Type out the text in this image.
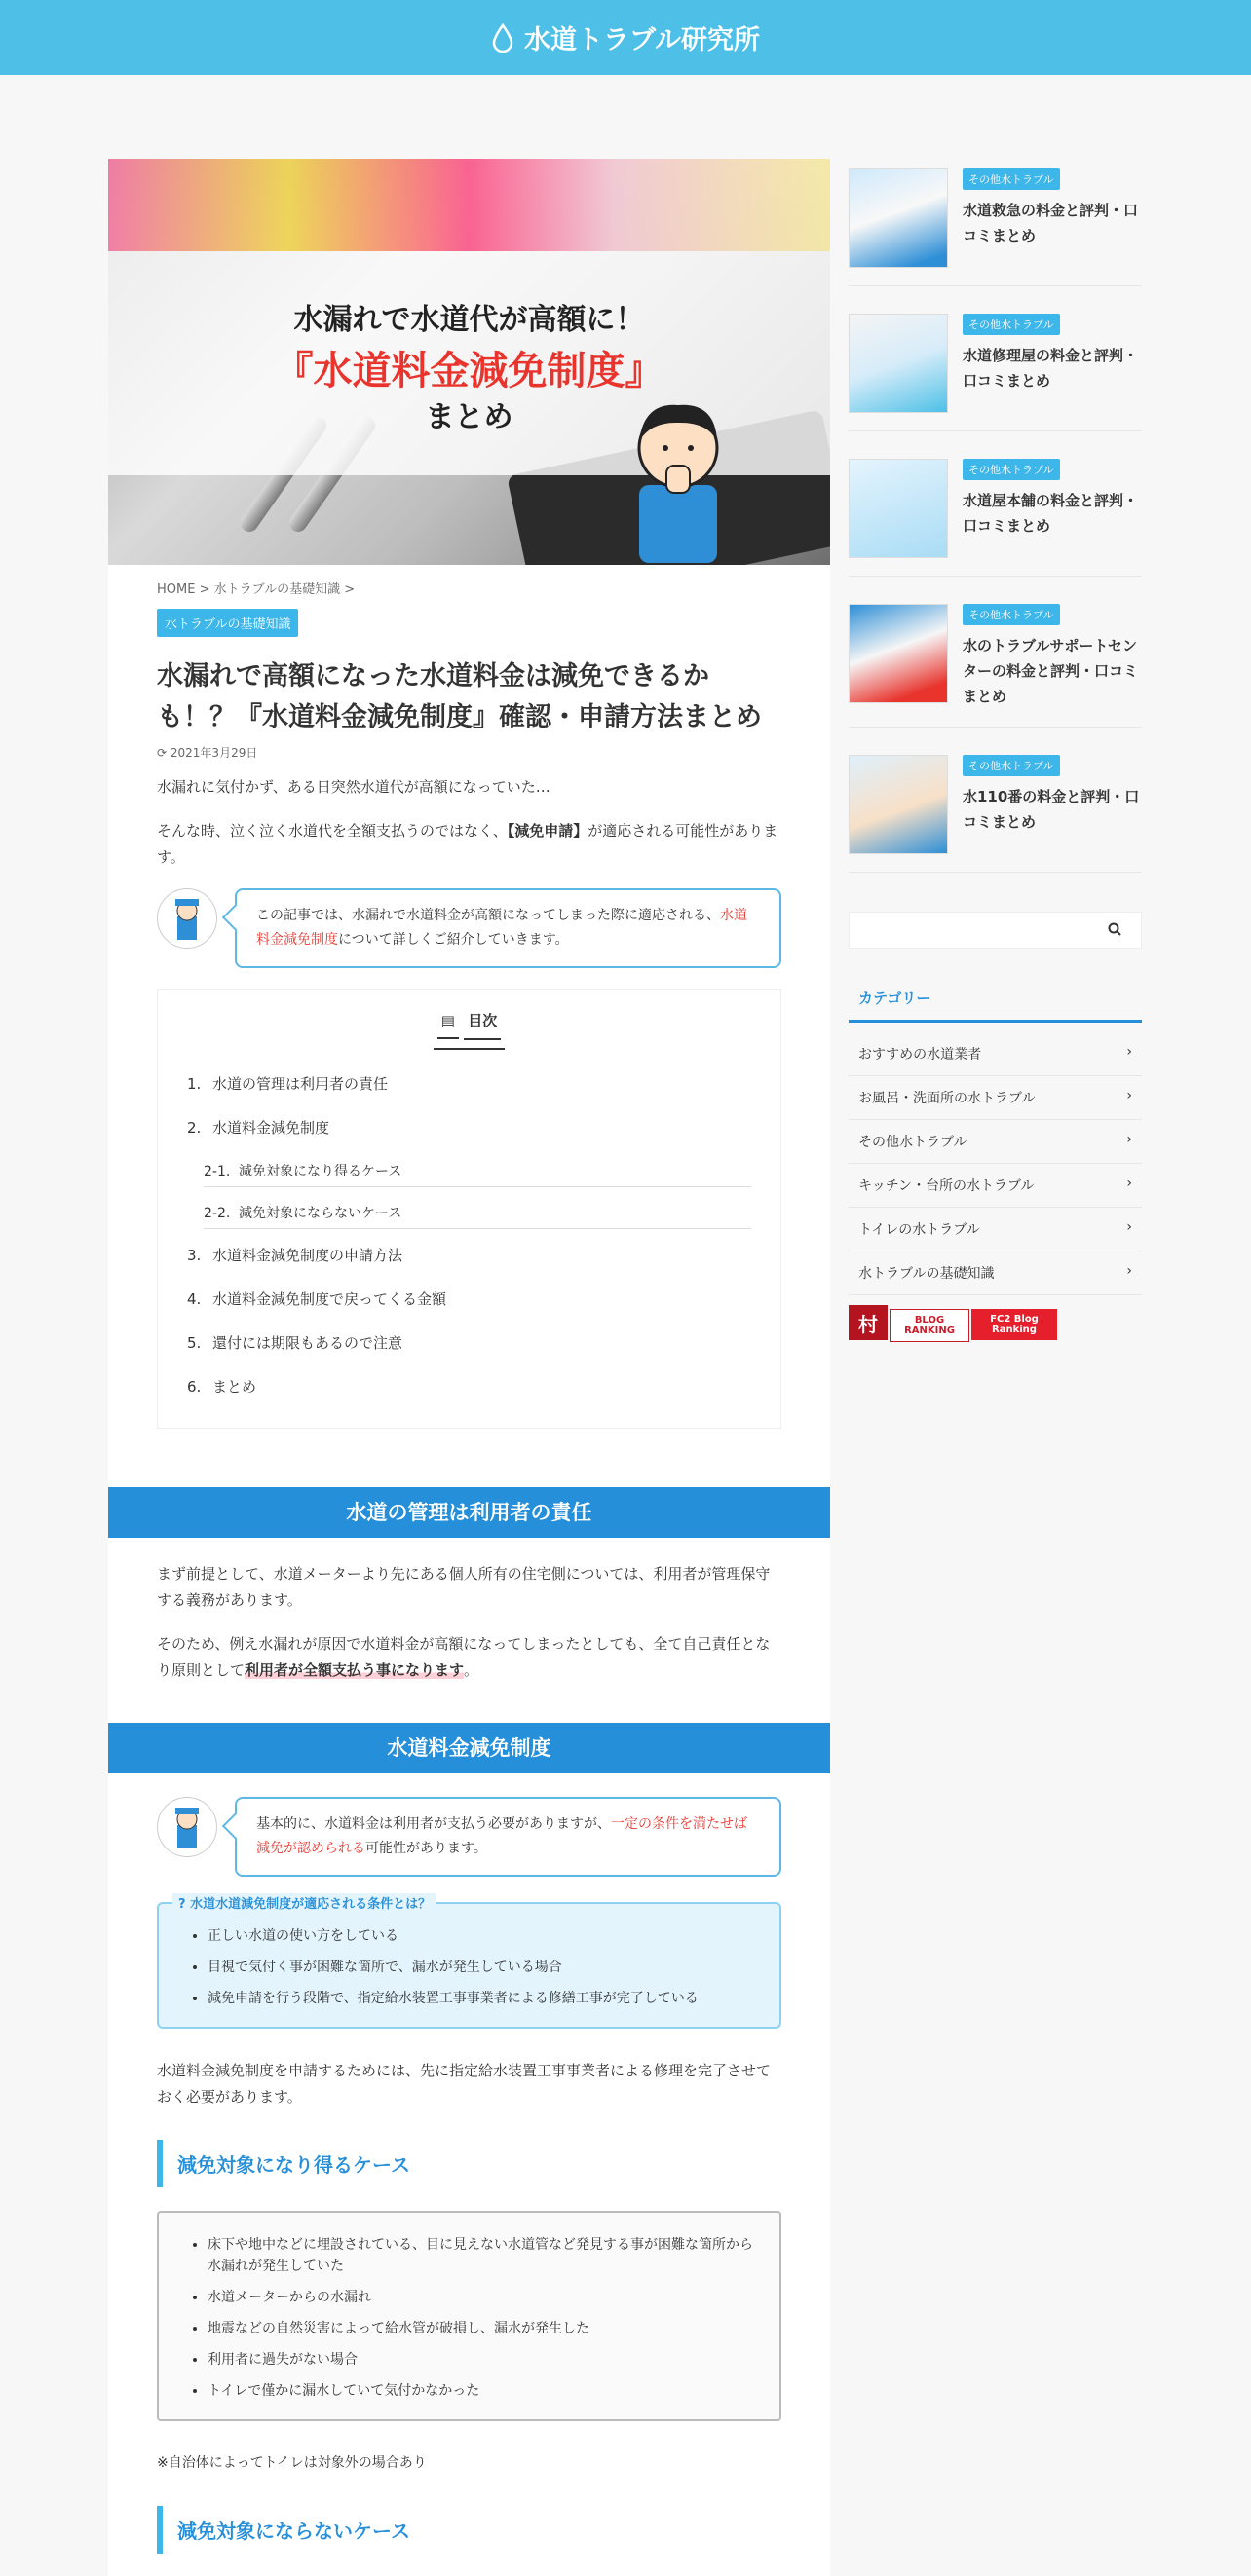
水道トラブル研究所
水漏れで水道代が高額に！
『水道料金減免制度』
まとめ
HOME > 水トラブルの基礎知識 >
水トラブルの基礎知識
水漏れで高額になった水道料金は減免できるかも！？『水道料金減免制度』確認・申請方法まとめ
⟳ 2021年3月29日

水漏れに気付かず、ある日突然水道代が高額になっていた…

そんな時、泣く泣く水道代を全額支払うのではなく、【減免申請】が適応される可能性があります。

この記事では、水漏れで水道料金が高額になってしまった際に適応される、水道料金減免制度について詳しくご紹介していきます。
▤ 目次
1. 水道の管理は利用者の責任
2. 水道料金減免制度
2-1. 減免対象になり得るケース
2-2. 減免対象にならないケース
3. 水道料金減免制度の申請方法
4. 水道料金減免制度で戻ってくる金額
5. 還付には期限もあるので注意
6. まとめ
水道の管理は利用者の責任

まず前提として、水道メーターより先にある個人所有の住宅側については、利用者が管理保守する義務があります。

そのため、例え水漏れが原因で水道料金が高額になってしまったとしても、全て自己責任となり原則として利用者が全額支払う事になります。

水道料金減免制度
基本的に、水道料金は利用者が支払う必要がありますが、一定の条件を満たせば減免が認められる可能性があります。
? 水道水道減免制度が適応される条件とは？
• 正しい水道の使い方をしている
• 目視で気付く事が困難な箇所で、漏水が発生している場合
• 減免申請を行う段階で、指定給水装置工事事業者による修繕工事が完了している

水道料金減免制度を申請するためには、先に指定給水装置工事事業者による修理を完了させておく必要があります。

減免対象になり得るケース
• 床下や地中などに埋設されている、目に見えない水道管など発見する事が困難な箇所から水漏れが発生していた
• 水道メーターからの水漏れ
• 地震などの自然災害によって給水管が破損し、漏水が発生した
• 利用者に過失がない場合
• トイレで僅かに漏水していて気付かなかった

※自治体によってトイレは対象外の場合あり

減免対象にならないケース
その他水トラブル
水道救急の料金と評判・口コミまとめ
その他水トラブル
水道修理屋の料金と評判・口コミまとめ
その他水トラブル
水道屋本舗の料金と評判・口コミまとめ
その他水トラブル
水のトラブルサポートセンターの料金と評判・口コミまとめ
その他水トラブル
水110番の料金と評判・口コミまとめ
カテゴリー
おすすめの水道業者	›
お風呂・洗面所の水トラブル	›
その他水トラブル	›
キッチン・台所の水トラブル	›
トイレの水トラブル	›
水トラブルの基礎知識	›
村	BLOG RANKING
FC2 Blog Ranking
